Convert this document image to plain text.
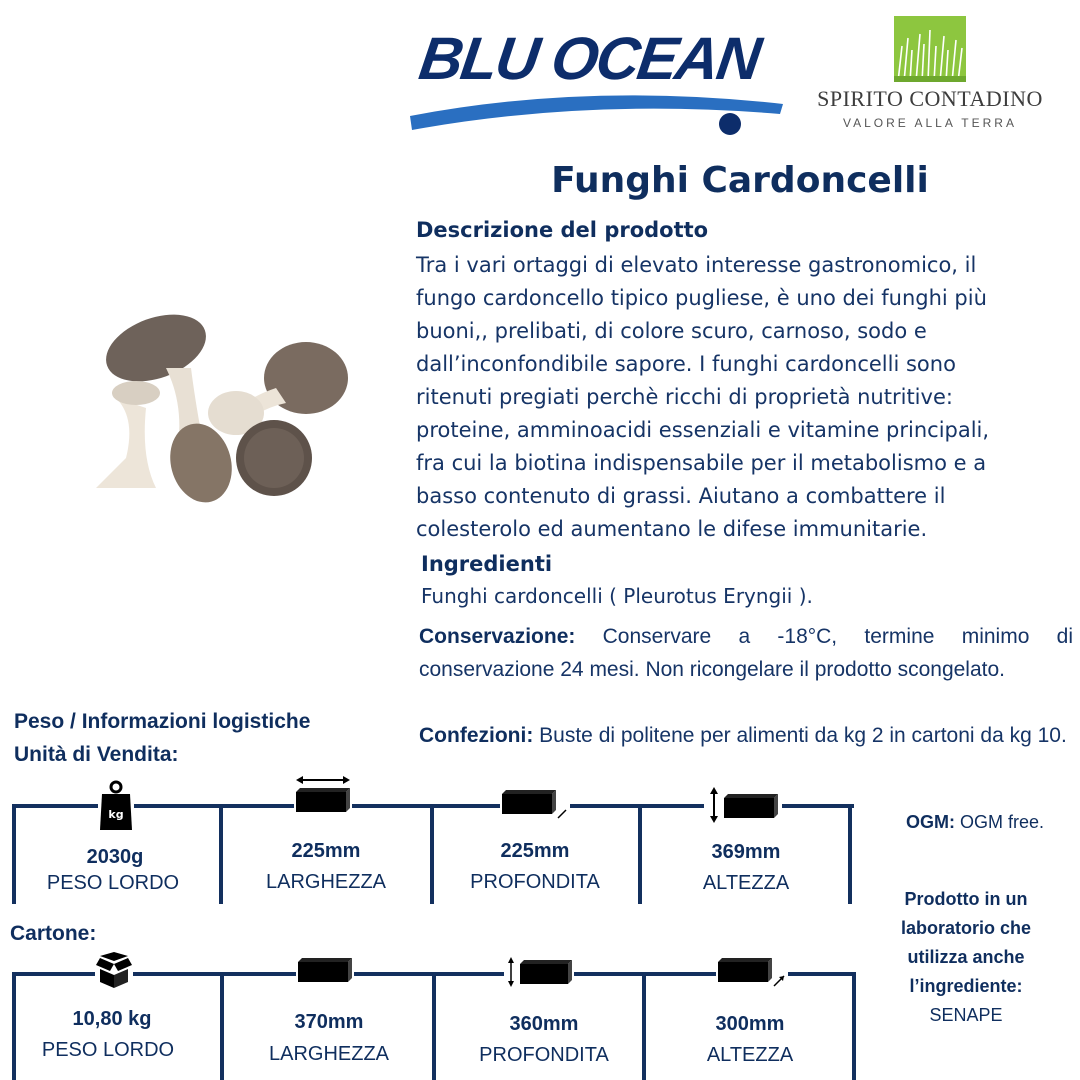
BLU OCEAN
SPIRITO CONTADINO
VALORE ALLA TERRA
Funghi Cardoncelli
Descrizione del prodotto
Tra i vari ortaggi di elevato interesse gastronomico, il
fungo cardoncello tipico pugliese, è uno dei funghi più
buoni,, prelibati, di colore scuro, carnoso, sodo e
dall’inconfondibile sapore. I funghi cardoncelli sono
ritenuti pregiati perchè ricchi di proprietà nutritive:
proteine, amminoacidi essenziali e vitamine principali,
fra cui la biotina indispensabile per il metabolismo e a
basso contenuto di grassi. Aiutano a combattere il
colesterolo ed aumentano le difese immunitarie.
Ingredienti
Funghi cardoncelli ( Pleurotus Eryngii ).
Conservazione: Conservare a -18°C, termine minimo di conservazione 24 mesi. Non ricongelare il prodotto scongelato.
Confezioni: Buste di politene per alimenti da kg 2 in cartoni da kg 10.
Peso / Informazioni logistiche
Unità di Vendita:
kg
2030g
PESO LORDO
225mm
LARGHEZZA
225mm
PROFONDITA
369mm
ALTEZZA
Cartone:
10,80 kg
PESO LORDO
370mm
LARGHEZZA
360mm
PROFONDITA
300mm
ALTEZZA
OGM: OGM free.
Prodotto in un
laboratorio che
utilizza anche
l’ingrediente:
SENAPE
